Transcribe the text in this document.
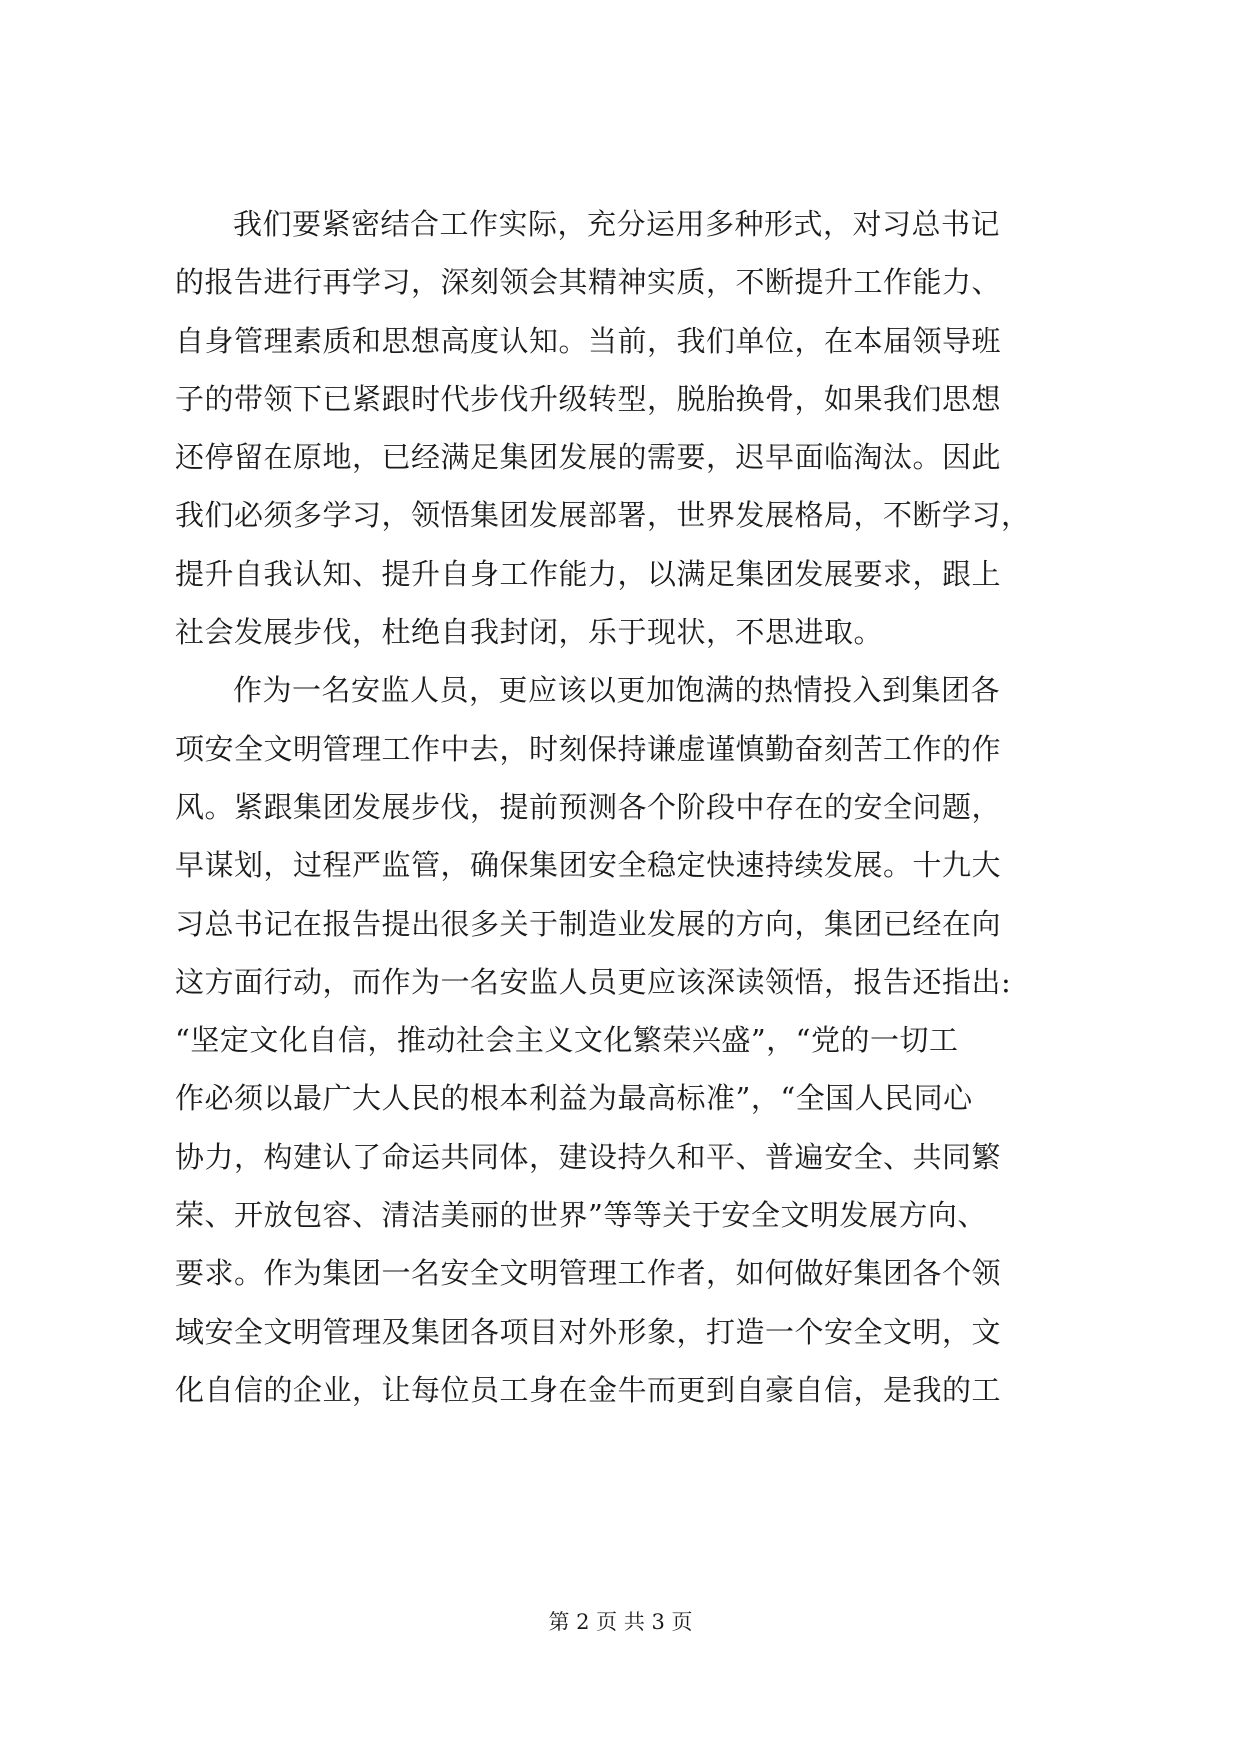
我们要紧密结合工作实际，充分运用多种形式，对习总书记
的报告进行再学习，深刻领会其精神实质，不断提升工作能力、
自身管理素质和思想高度认知。当前，我们单位，在本届领导班
子的带领下已紧跟时代步伐升级转型，脱胎换骨，如果我们思想
还停留在原地，已经满足集团发展的需要，迟早面临淘汰。因此
我们必须多学习，领悟集团发展部署，世界发展格局，不断学习，
提升自我认知、提升自身工作能力，以满足集团发展要求，跟上
社会发展步伐，杜绝自我封闭，乐于现状，不思进取。
作为一名安监人员，更应该以更加饱满的热情投入到集团各
项安全文明管理工作中去，时刻保持谦虚谨慎勤奋刻苦工作的作
风。紧跟集团发展步伐，提前预测各个阶段中存在的安全问题，
早谋划，过程严监管，确保集团安全稳定快速持续发展。十九大
习总书记在报告提出很多关于制造业发展的方向，集团已经在向
这方面行动，而作为一名安监人员更应该深读领悟，报告还指出:
“坚定文化自信，推动社会主义文化繁荣兴盛”，“党的一切工
作必须以最广大人民的根本利益为最高标准”，“全国人民同心
协力，构建认了命运共同体，建设持久和平、普遍安全、共同繁
荣、开放包容、清洁美丽的世界”等等关于安全文明发展方向、
要求。作为集团一名安全文明管理工作者，如何做好集团各个领
域安全文明管理及集团各项目对外形象，打造一个安全文明，文
化自信的企业，让每位员工身在金牛而更到自豪自信，是我的工
第 2 页 共 3 页
